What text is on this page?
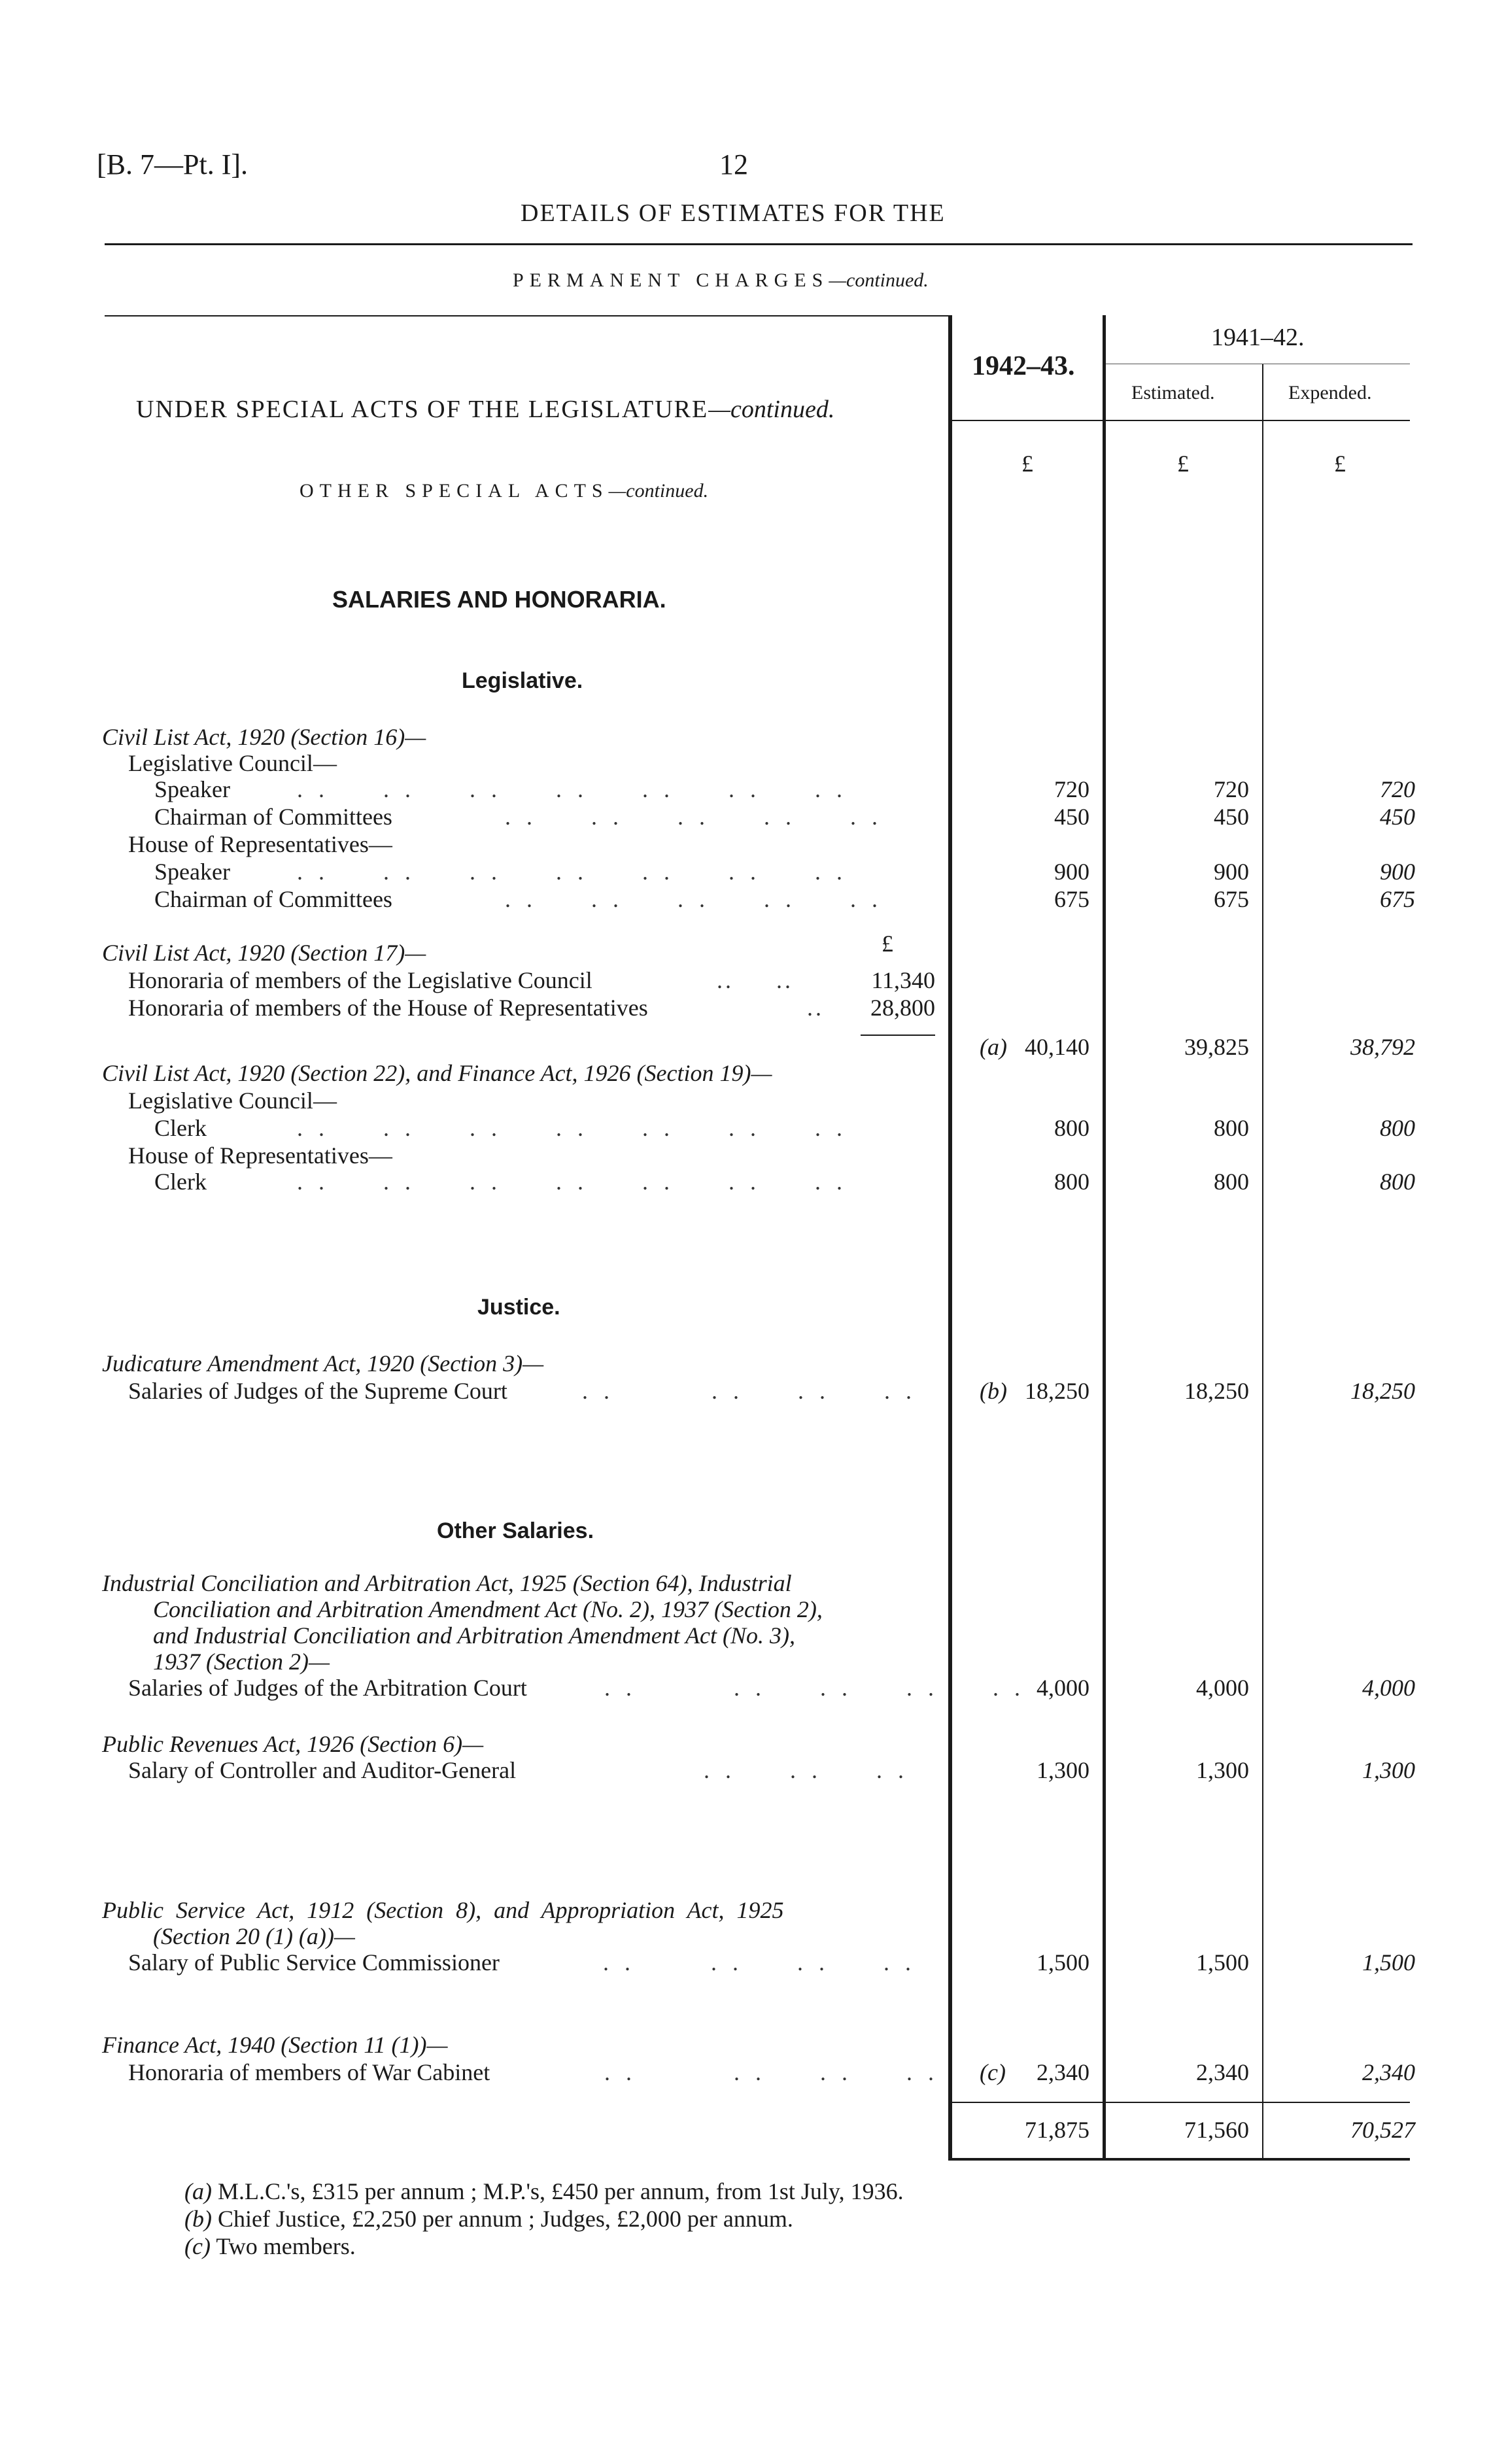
[B. 7—Pt. I].	12
DETAILS OF ESTIMATES FOR THE
PERMANENT CHARGES—continued.
1942–43.
1941–42.
Estimated.	Expended.
£	£	£
UNDER SPECIAL ACTS OF THE LEGISLATURE—continued.
OTHER SPECIAL ACTS—continued.
SALARIES AND HONORARIA.
Legislative.
Civil List Act, 1920 (Section 16)—
Legislative Council—
Speaker	..  ..  ..  ..  ..  ..  ..	720	720	720
Chairman of Committees	..  ..  ..  ..  ..	450	450	450
House of Representatives—
Speaker	..  ..  ..  ..  ..  ..  ..	900	900	900
Chairman of Committees	..  ..  ..  ..  ..	675	675	675
Civil List Act, 1920 (Section 17)—	£
Honoraria of members of the Legislative Council	..     ..	11,340
Honoraria of members of the House of Representatives	..	28,800
(a) 40,140	39,825	38,792
Civil List Act, 1920 (Section 22), and Finance Act, 1926 (Section 19)—
Legislative Council—
Clerk	..  ..  ..  ..  ..  ..  ..	800	800	800
House of Representatives—
Clerk	..  ..  ..  ..  ..  ..  ..	800	800	800
Justice.
Judicature Amendment Act, 1920 (Section 3)—
Salaries of Judges of the Supreme Court	..    ..  ..  .. (b) 18,250	18,250	18,250
Other Salaries.
Industrial Conciliation and Arbitration Act, 1925 (Section 64), Industrial
Conciliation and Arbitration Amendment Act (No. 2), 1937 (Section 2),
and Industrial Conciliation and Arbitration Amendment Act (No. 3),
1937 (Section 2)—
Salaries of Judges of the Arbitration Court	..    ..  ..  ..  .. 4,000	4,000	4,000
Public Revenues Act, 1926 (Section 6)—
Salary of Controller and Auditor-General	..  ..  ..	1,300	1,300	1,300
Public Service Act, 1912 (Section 8), and Appropriation Act, 1925
(Section 20 (1) (a))—
Salary of Public Service Commissioner	..   ..  ..  ..	1,500	1,500	1,500
Finance Act, 1940 (Section 11 (1))—
Honoraria of members of War Cabinet	..    ..  ..  .. (c)	2,340	2,340	2,340
71,875	71,560	70,527
(a) M.L.C.'s, £315 per annum ; M.P.'s, £450 per annum, from 1st July, 1936.
(b) Chief Justice, £2,250 per annum ; Judges, £2,000 per annum.
(c) Two members.
